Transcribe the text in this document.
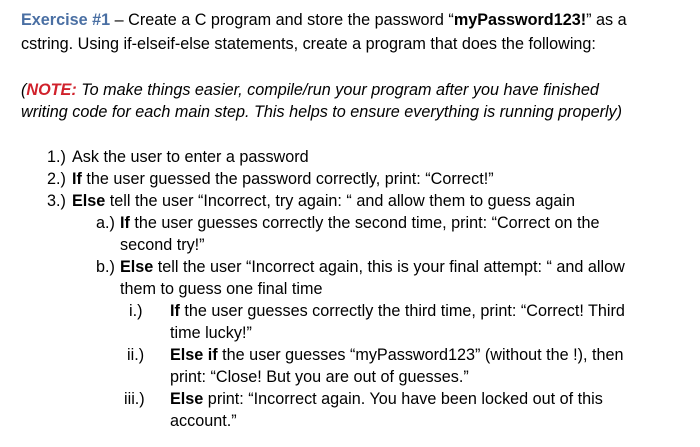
Exercise #1 – Create a C program and store the password “myPassword123!” as a
cstring. Using if-elseif-else statements, create a program that does the following:
(NOTE: To make things easier, compile/run your program after you have finished
writing code for each main step. This helps to ensure everything is running properly)
1.) Ask the user to enter a password
2.) If the user guessed the password correctly, print: “Correct!”
3.) Else tell the user “Incorrect, try again: “ and allow them to guess again
a.) If the user guesses correctly the second time, print: “Correct on the
second try!”
b.) Else tell the user “Incorrect again, this is your final attempt: “ and allow
them to guess one final time
i.) If the user guesses correctly the third time, print: “Correct! Third
time lucky!”
ii.) Else if the user guesses “myPassword123” (without the !), then
print: “Close! But you are out of guesses.”
iii.) Else print: “Incorrect again. You have been locked out of this
account.”
